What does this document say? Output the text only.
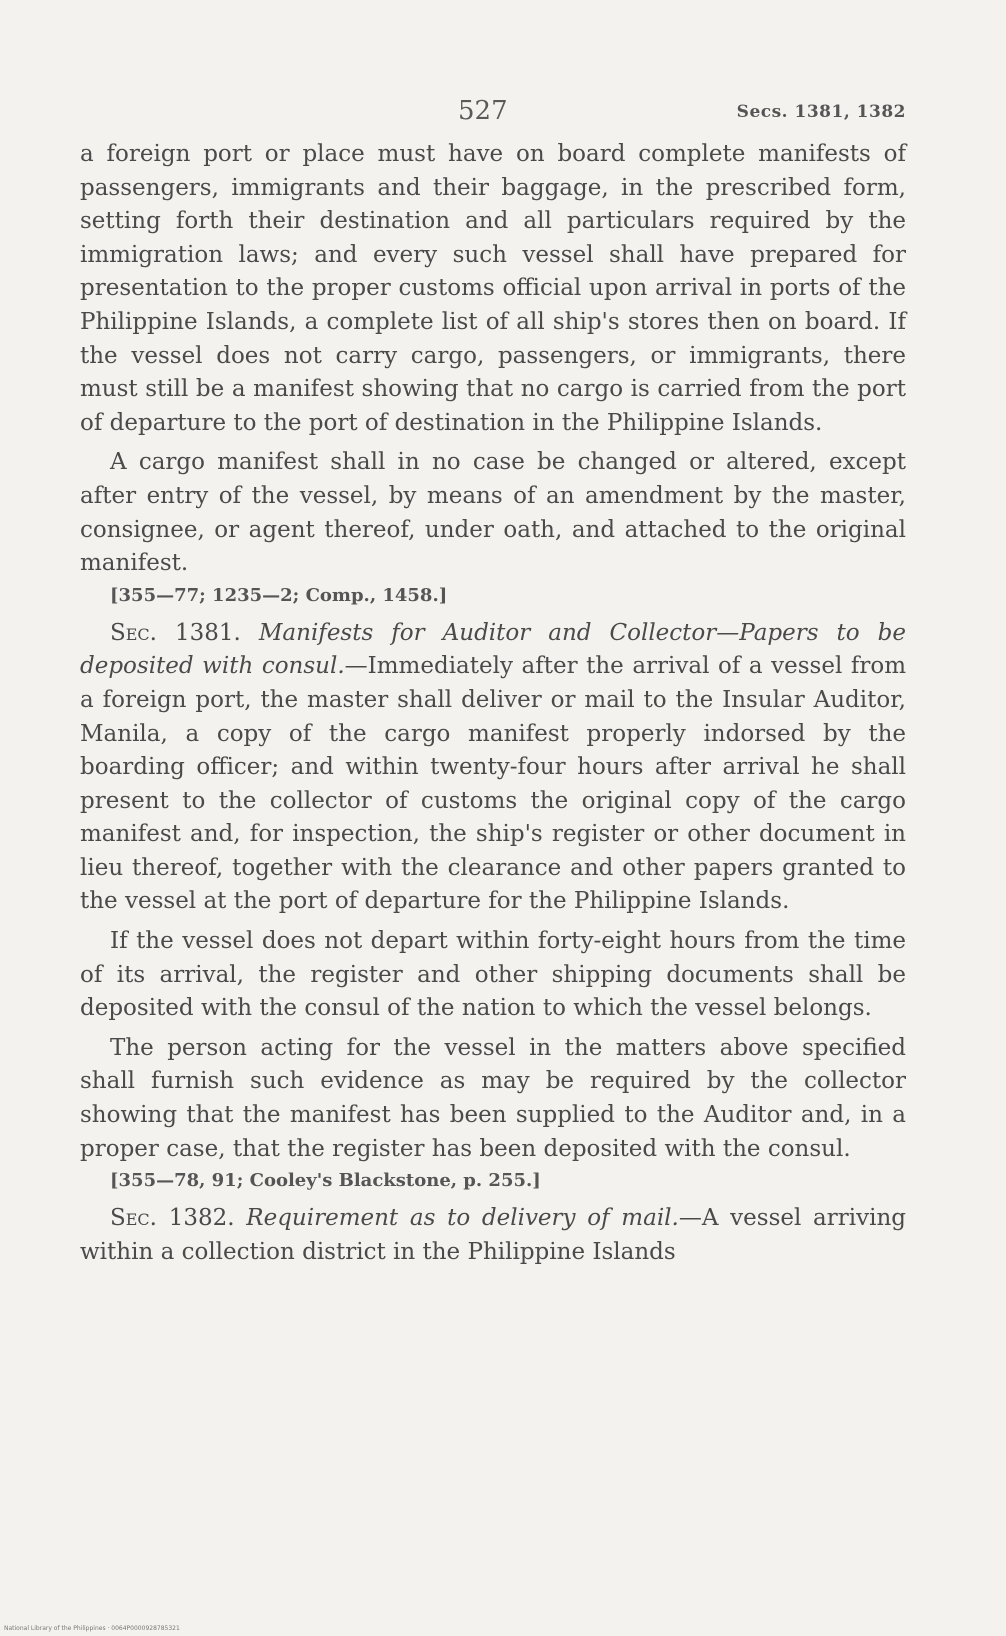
527	Secs. 1381, 1382

a foreign port or place must have on board complete manifests of passengers, immigrants and their baggage, in the prescribed form, setting forth their destination and all particulars required by the immigration laws; and every such vessel shall have prepared for presentation to the proper customs official upon arrival in ports of the Philippine Islands, a complete list of all ship's stores then on board. If the vessel does not carry cargo, passengers, or immigrants, there must still be a manifest showing that no cargo is carried from the port of departure to the port of destination in the Philippine Islands.

A cargo manifest shall in no case be changed or altered, except after entry of the vessel, by means of an amendment by the master, consignee, or agent thereof, under oath, and attached to the original manifest.

[355—77; 1235—2; Comp., 1458.]

Sec. 1381. Manifests for Auditor and Collector—Papers to be deposited with consul.—Immediately after the arrival of a vessel from a foreign port, the master shall deliver or mail to the Insular Auditor, Manila, a copy of the cargo manifest properly indorsed by the boarding officer; and within twenty-four hours after arrival he shall present to the collector of customs the original copy of the cargo manifest and, for inspection, the ship's register or other document in lieu thereof, together with the clearance and other papers granted to the vessel at the port of departure for the Philippine Islands.

If the vessel does not depart within forty-eight hours from the time of its arrival, the register and other shipping documents shall be deposited with the consul of the nation to which the vessel belongs.

The person acting for the vessel in the matters above specified shall furnish such evidence as may be required by the collector showing that the manifest has been supplied to the Auditor and, in a proper case, that the register has been deposited with the consul.

[355—78, 91; Cooley's Blackstone, p. 255.]

Sec. 1382. Requirement as to delivery of mail.—A vessel arriving within a collection district in the Philippine Islands

National Library of the Philippines · 0064P0000928785321
